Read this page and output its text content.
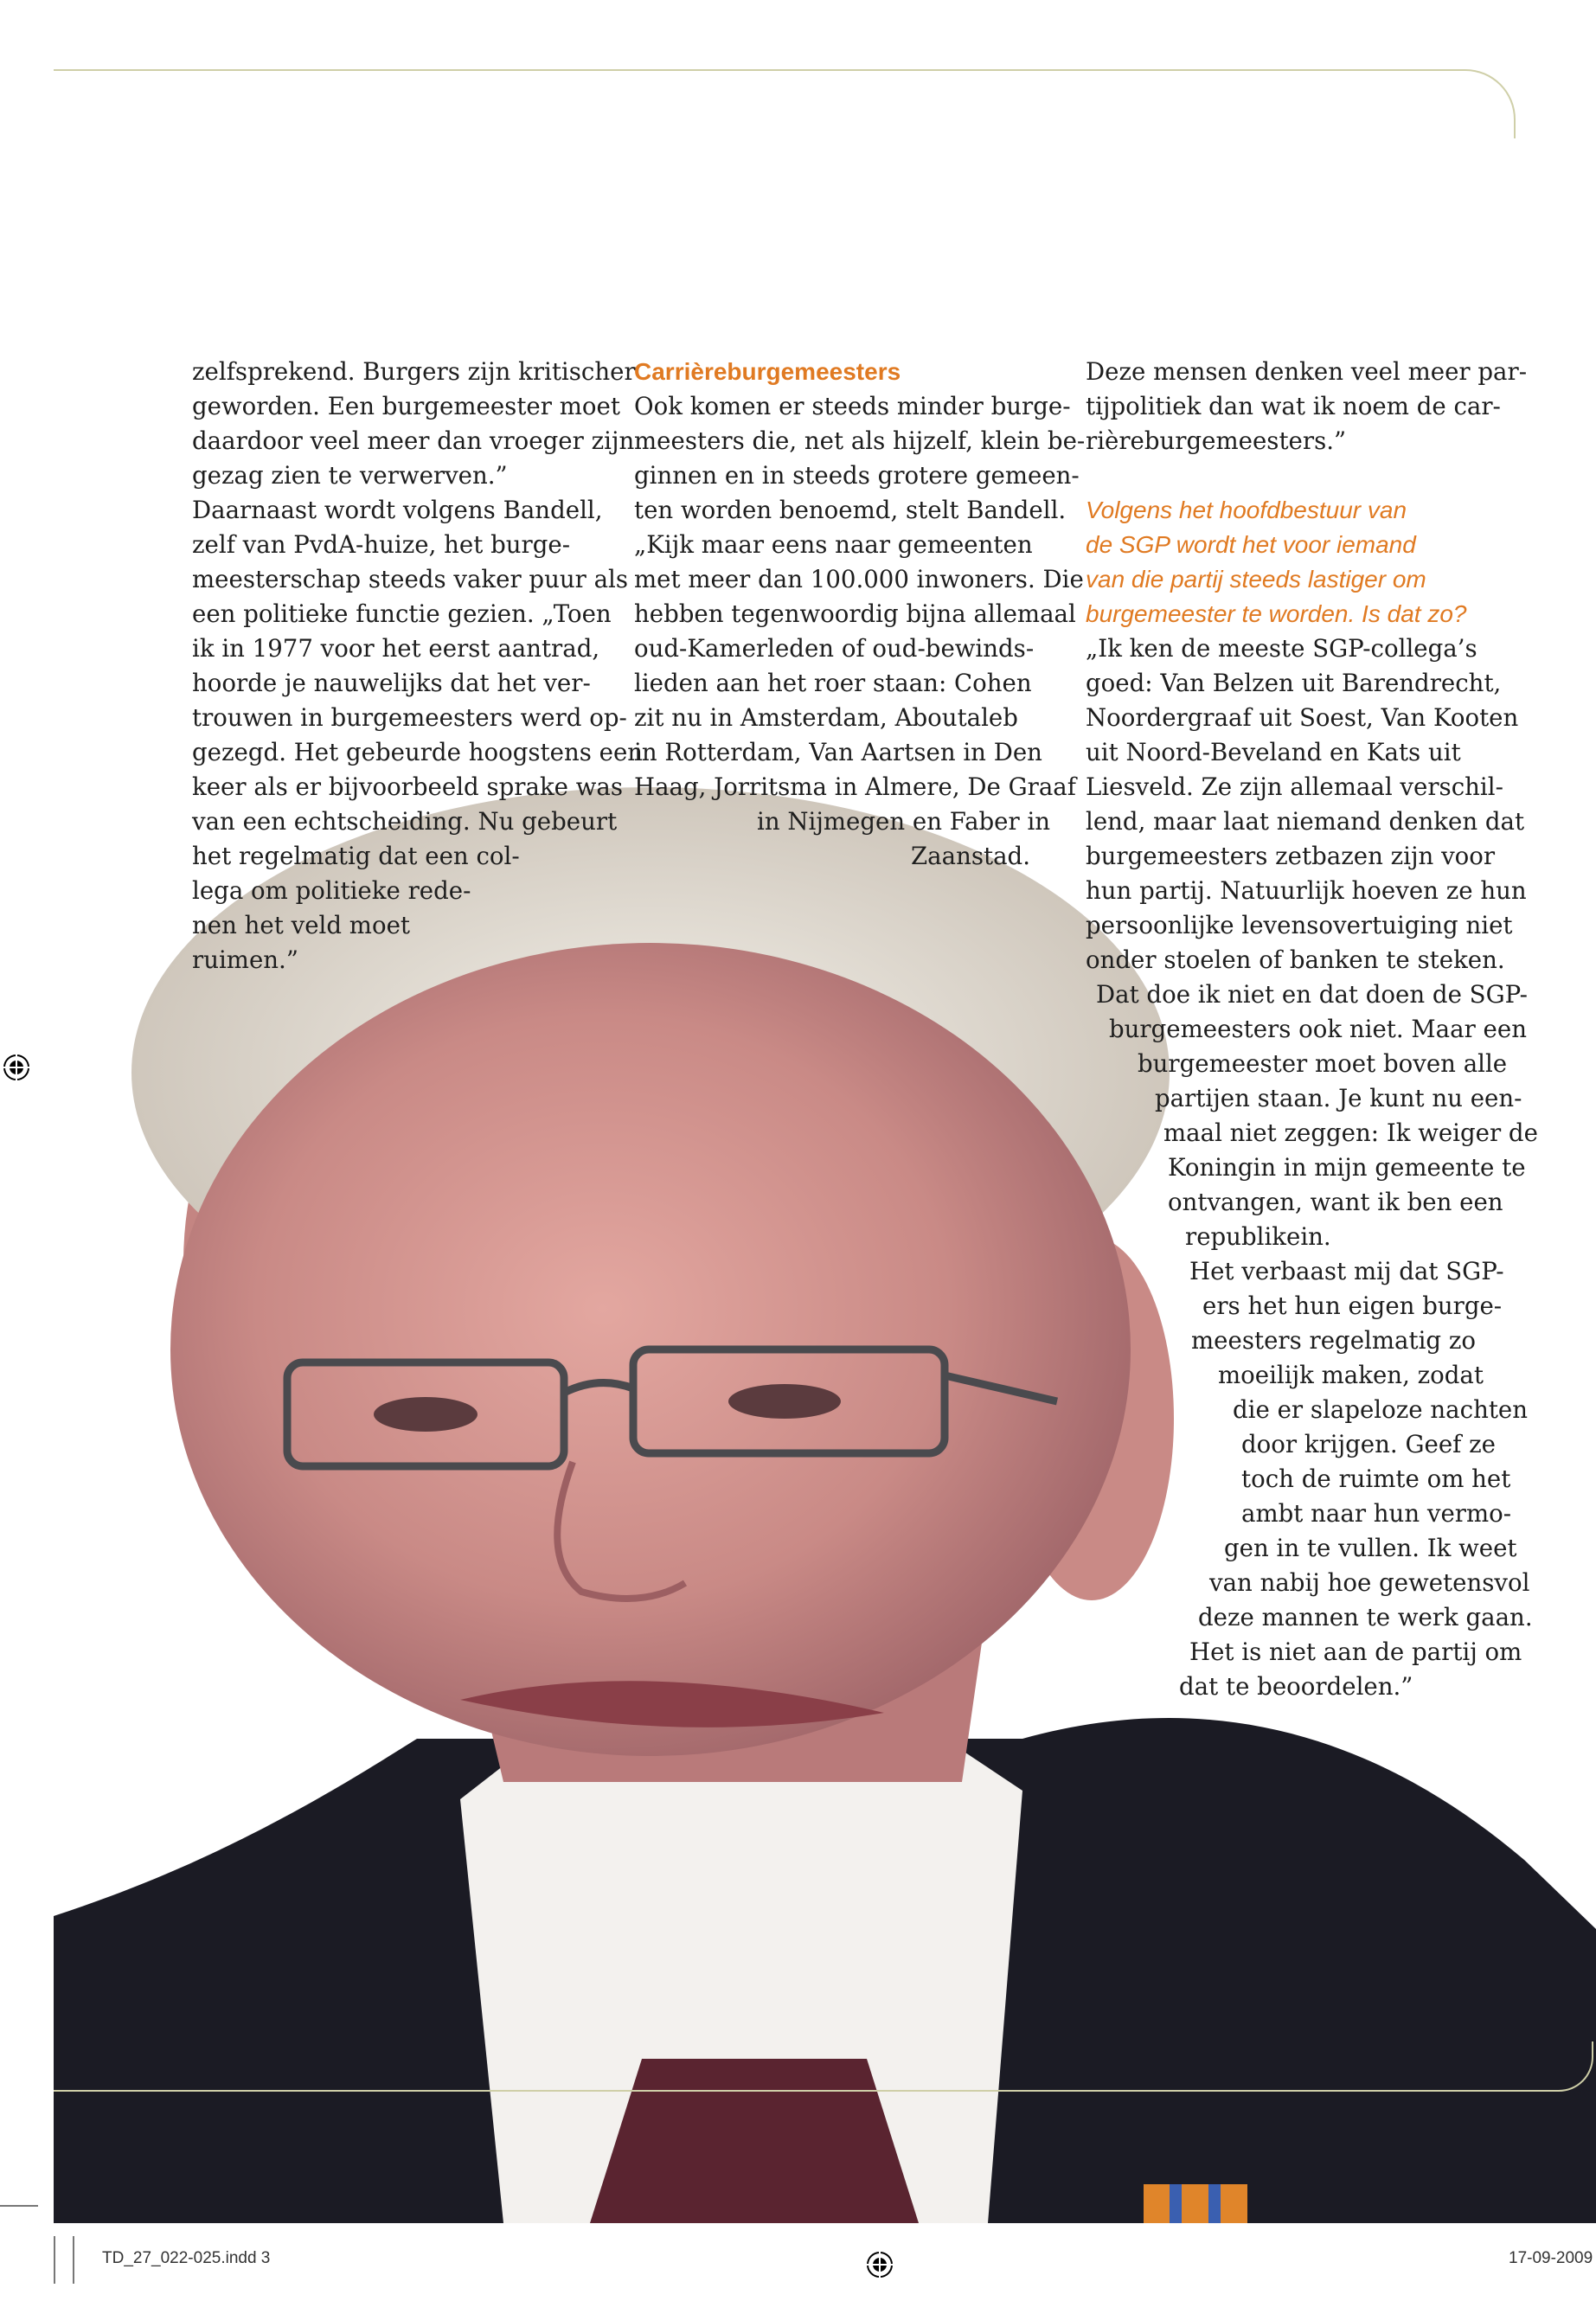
zelfsprekend. Burgers zijn kritischer
geworden. Een burgemeester moet
daardoor veel meer dan vroeger zijn
gezag zien te verwerven.”
Daarnaast wordt volgens Bandell,
zelf van PvdA-huize, het burge-
meesterschap steeds vaker puur als
een politieke functie gezien. „Toen
ik in 1977 voor het eerst aantrad,
hoorde je nauwelijks dat het ver-
trouwen in burgemeesters werd op-
gezegd. Het gebeurde hoogstens een
keer als er bijvoorbeeld sprake was
van een echtscheiding. Nu gebeurt
het regelmatig dat een col-
lega om politieke rede-
nen het veld moet
ruimen.”
Carrièreburgemeesters
Ook komen er steeds minder burge-
meesters die, net als hijzelf, klein be-
ginnen en in steeds grotere gemeen-
ten worden benoemd, stelt Bandell.
„Kijk maar eens naar gemeenten
met meer dan 100.000 inwoners. Die
hebben tegenwoordig bijna allemaal
oud-Kamerleden of oud-bewinds-
lieden aan het roer staan: Cohen
zit nu in Amsterdam, Aboutaleb
in Rotterdam, Van Aartsen in Den
Haag, Jorritsma in Almere, De Graaf
in Nijmegen en Faber in
Zaanstad.
Deze mensen denken veel meer par-
tijpolitiek dan wat ik noem de car-
rièreburgemeesters.”
Volgens het hoofdbestuur van
de SGP wordt het voor iemand
van die partij steeds lastiger om
burgemeester te worden. Is dat zo?
„Ik ken de meeste SGP-collega’s
goed: Van Belzen uit Barendrecht,
Noordergraaf uit Soest, Van Kooten
uit Noord-Beveland en Kats uit
Liesveld. Ze zijn allemaal verschil-
lend, maar laat niemand denken dat
burgemeesters zetbazen zijn voor
hun partij. Natuurlijk hoeven ze hun
persoonlijke levensovertuiging niet
onder stoelen of banken te steken.
Dat doe ik niet en dat doen de SGP-
burgemeesters ook niet. Maar een
burgemeester moet boven alle
partijen staan. Je kunt nu een-
maal niet zeggen: Ik weiger de
Koningin in mijn gemeente te
ontvangen, want ik ben een
republikein.
Het verbaast mij dat SGP-
ers het hun eigen burge-
meesters regelmatig zo
moeilijk maken, zodat
die er slapeloze nachten
door krijgen. Geef ze
toch de ruimte om het
ambt naar hun vermo-
gen in te vullen. Ik weet
van nabij hoe gewetensvol
deze mannen te werk gaan.
Het is niet aan de partij om
dat te beoordelen.”
TD_27_022-025.indd 3	17-09-2009
